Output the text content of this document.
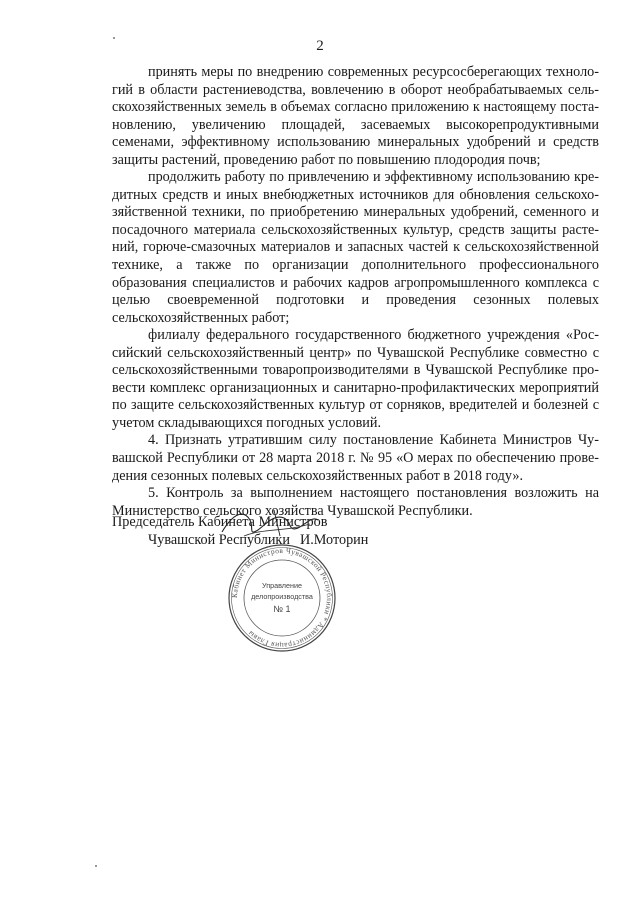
2

принять меры по внедрению современных ресурсосберегающих технологий в области растениеводства, вовлечению в оборот необрабатываемых сельскохозяйственных земель в объемах согласно приложению к настоящему постановлению, увеличению площадей, засеваемых высокорепродуктивными семенами, эффективному использованию минеральных удобрений и средств защиты растений, проведению работ по повышению плодородия почв;

продолжить работу по привлечению и эффективному использованию кредитных средств и иных внебюджетных источников для обновления сельскохозяйственной техники, по приобретению минеральных удобрений, семенного и посадочного материала сельскохозяйственных культур, средств защиты растений, горюче-смазочных материалов и запасных частей к сельскохозяйственной технике, а также по организации дополнительного профессионального образования специалистов и рабочих кадров агропромышленного комплекса с целью своевременной подготовки и проведения сезонных полевых сельскохозяйственных работ;

филиалу федерального государственного бюджетного учреждения «Российский сельскохозяйственный центр» по Чувашской Республике совместно с сельскохозяйственными товаропроизводителями в Чувашской Республике провести комплекс организационных и санитарно-профилактических мероприятий по защите сельскохозяйственных культур от сорняков, вредителей и болезней с учетом складывающихся погодных условий.

4. Признать утратившим силу постановление Кабинета Министров Чувашской Республики от 28 марта 2018 г. № 95 «О мерах по обеспечению проведения сезонных полевых сельскохозяйственных работ в 2018 году».

5. Контроль за выполнением настоящего постановления возложить на Министерство сельского хозяйства Чувашской Республики.

Председатель Кабинета Министров
Чувашской Республики И.Моторин
Кабинет Министров Чувашской Республики * Администрация Главы
Управление
делопроизводства
№ 1
